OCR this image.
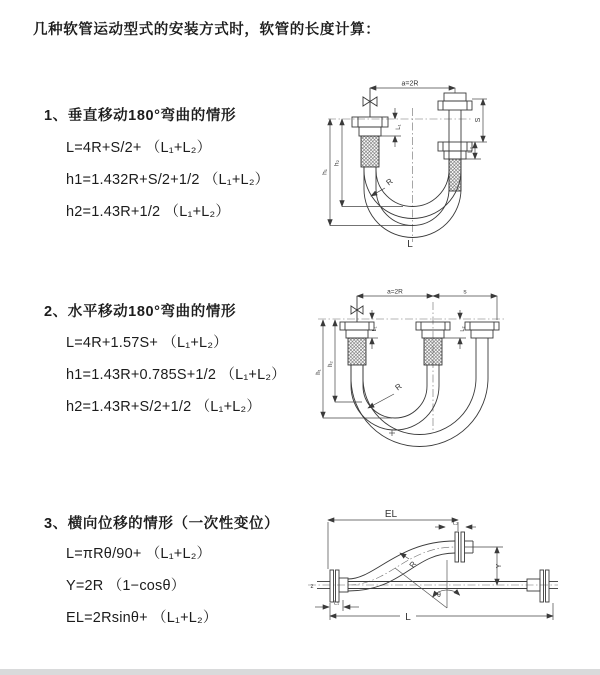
几种软管运动型式的安装方式时，软管的长度计算：
1、垂直移动180°弯曲的情形
L=4R+S/2+ （L₁+L₂）
h1=1.432R+S/2+1/2 （L₁+L₂）
h2=1.43R+1/2 （L₁+L₂）
2、水平移动180°弯曲的情形
L=4R+1.57S+ （L₁+L₂）
h1=1.43R+0.785S+1/2 （L₁+L₂）
h2=1.43R+S/2+1/2 （L₁+L₂）
3、横向位移的情形（一次性变位）
L=πRθ/90+ （L₁+L₂）
Y=2R （1−cosθ）
EL=2Rsinθ+ （L₁+L₂）
a=2R
h₁
h₂
L₁
S
L₂
R
L
a=2R	s
h₁
h₂
L₁	L₂
R
EL
L₂
Y
L₁
L
R
θ
z
